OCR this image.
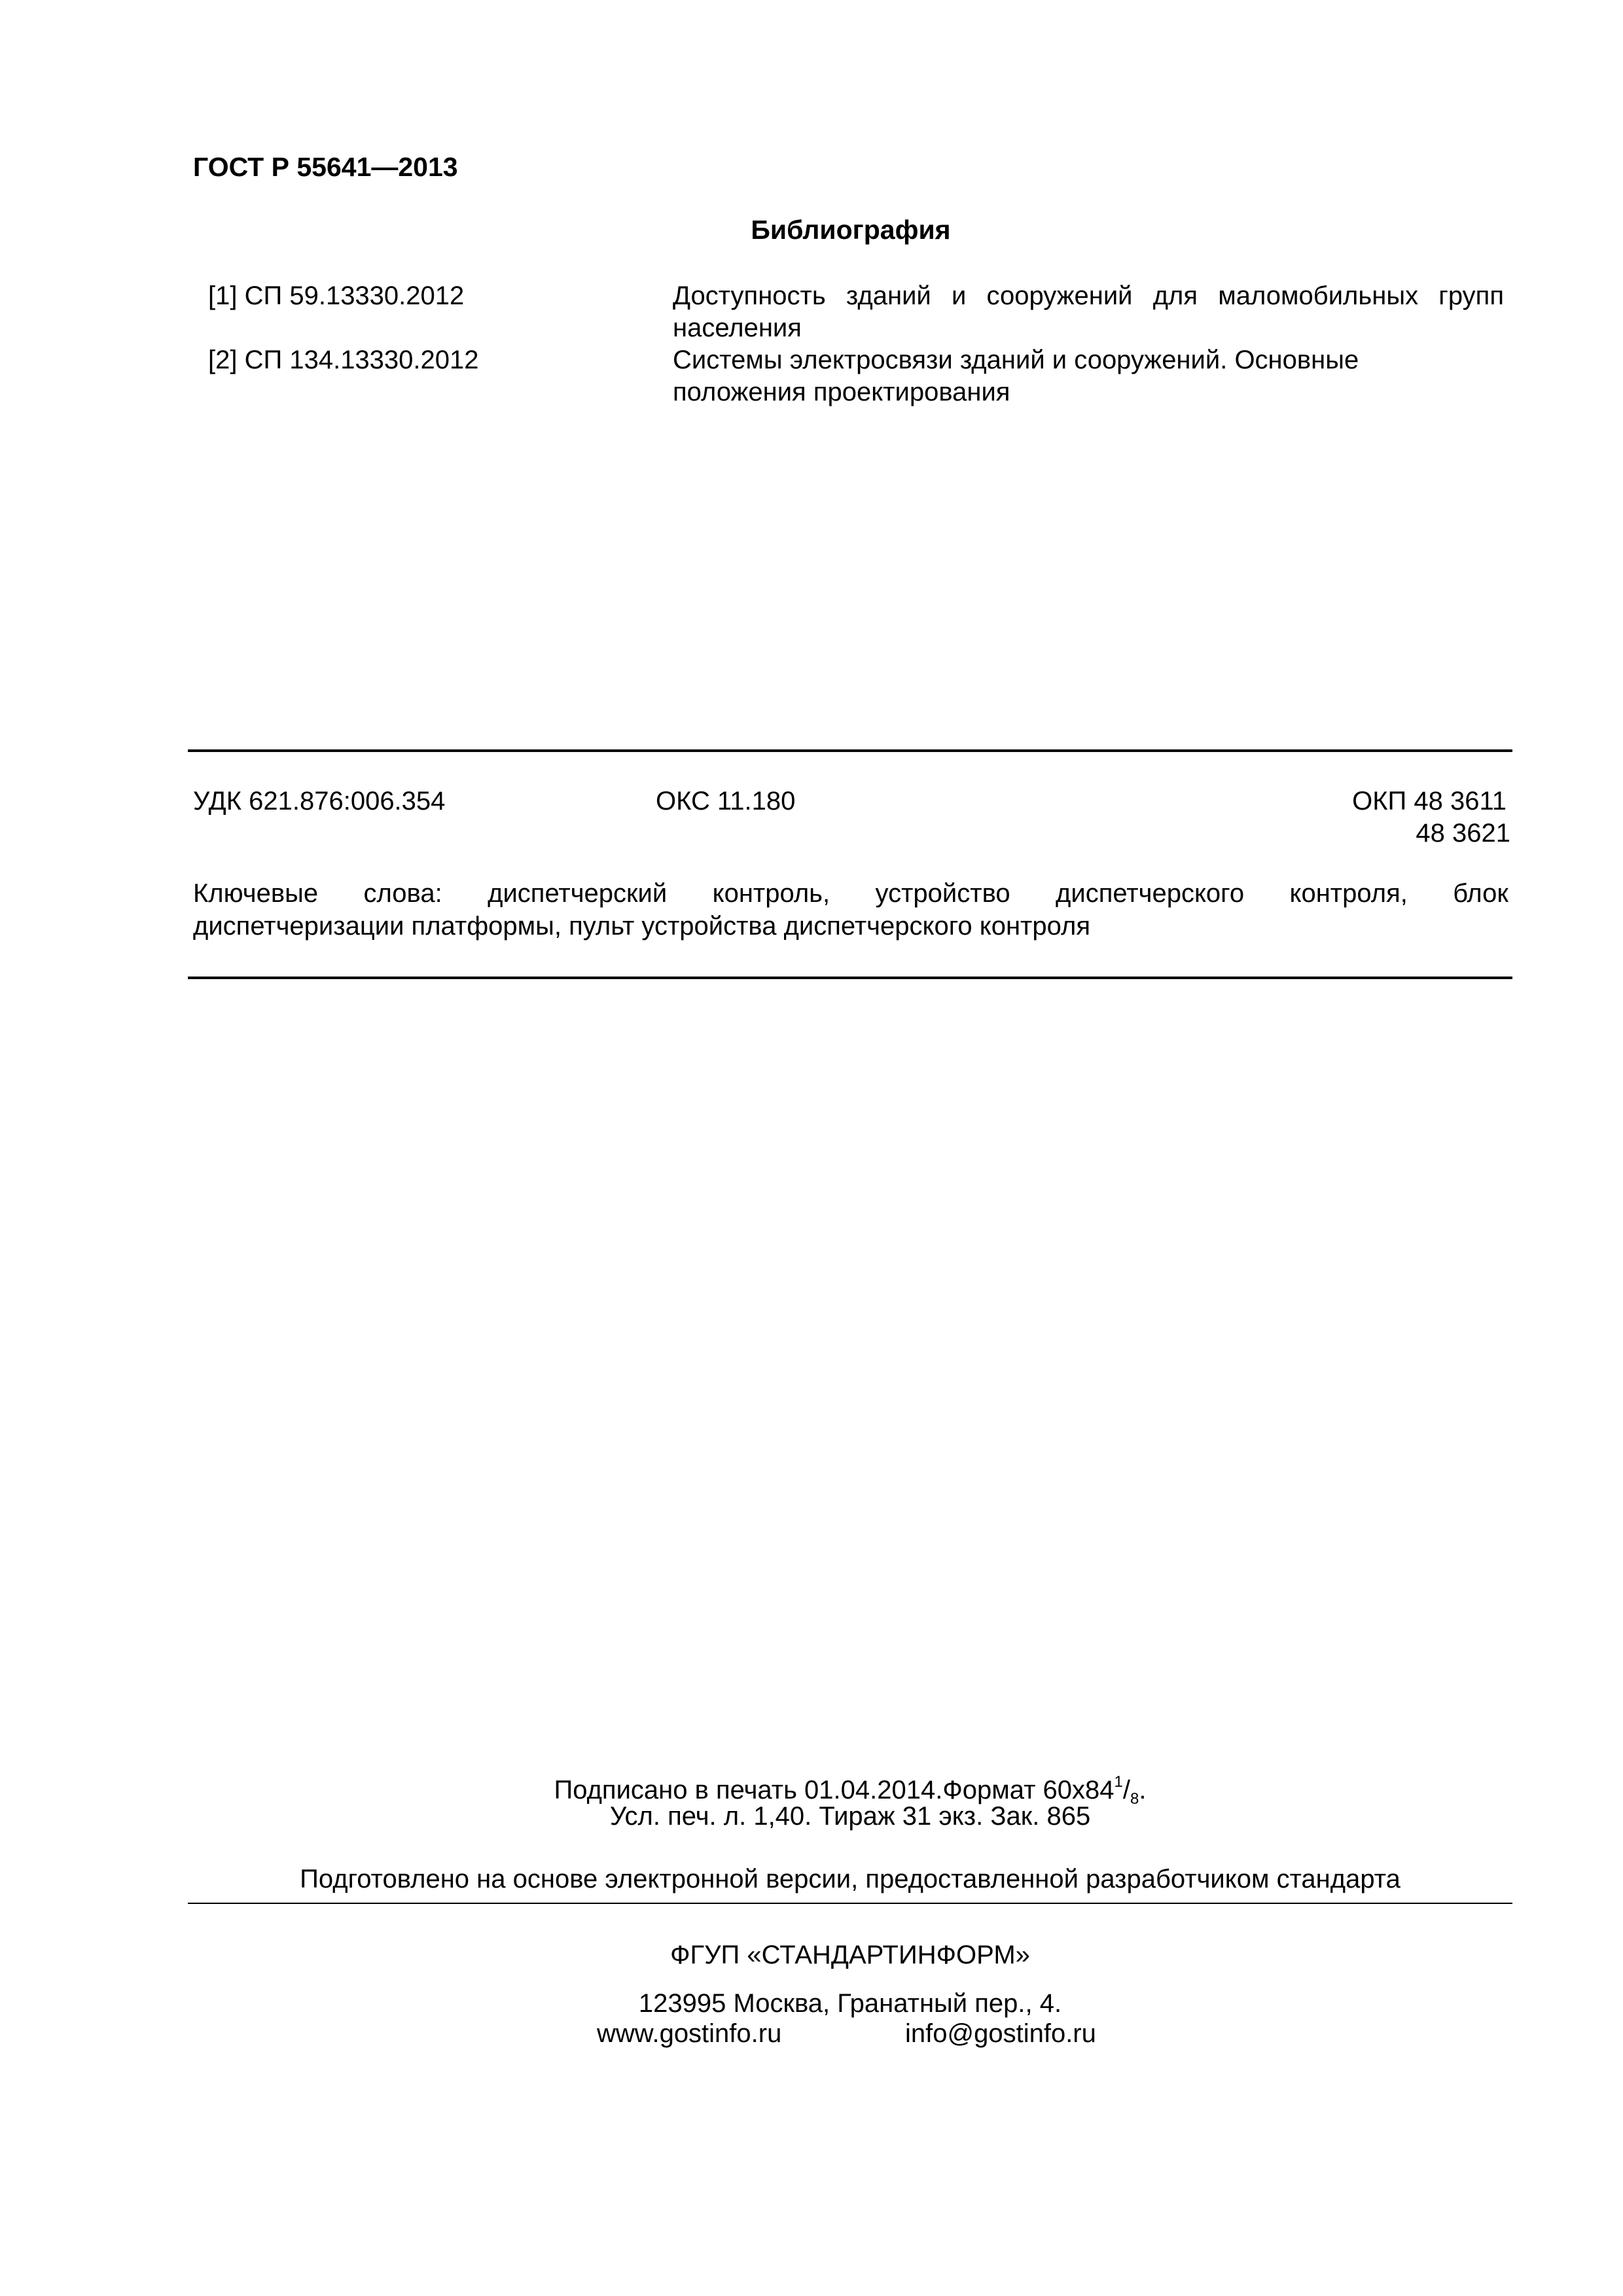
ГОСТ Р 55641—2013
Библиография
[1] СП 59.13330.2012	Доступность зданий и сооружений для маломобильных групп
населения
[2] СП 134.13330.2012	Системы электросвязи зданий и сооружений. Основные
положения проектирования
УДК 621.876:006.354	ОКС 11.180	ОКП 48 3611
48 3621
Ключевые слова: диспетчерский контроль, устройство диспетчерского контроля, блок
диспетчеризации платформы, пульт устройства диспетчерского контроля
Подписано в печать 01.04.2014.Формат $60x84^1/_8$.
Усл. печ. л. 1,40. Тираж 31 экз. Зак. 865
Подготовлено на основе электронной версии, предоставленной разработчиком стандарта
ФГУП «СТАНДАРТИНФОРМ»
123995 Москва, Гранатный пер., 4.
www.gostinfo.ru	info@gostinfo.ru
